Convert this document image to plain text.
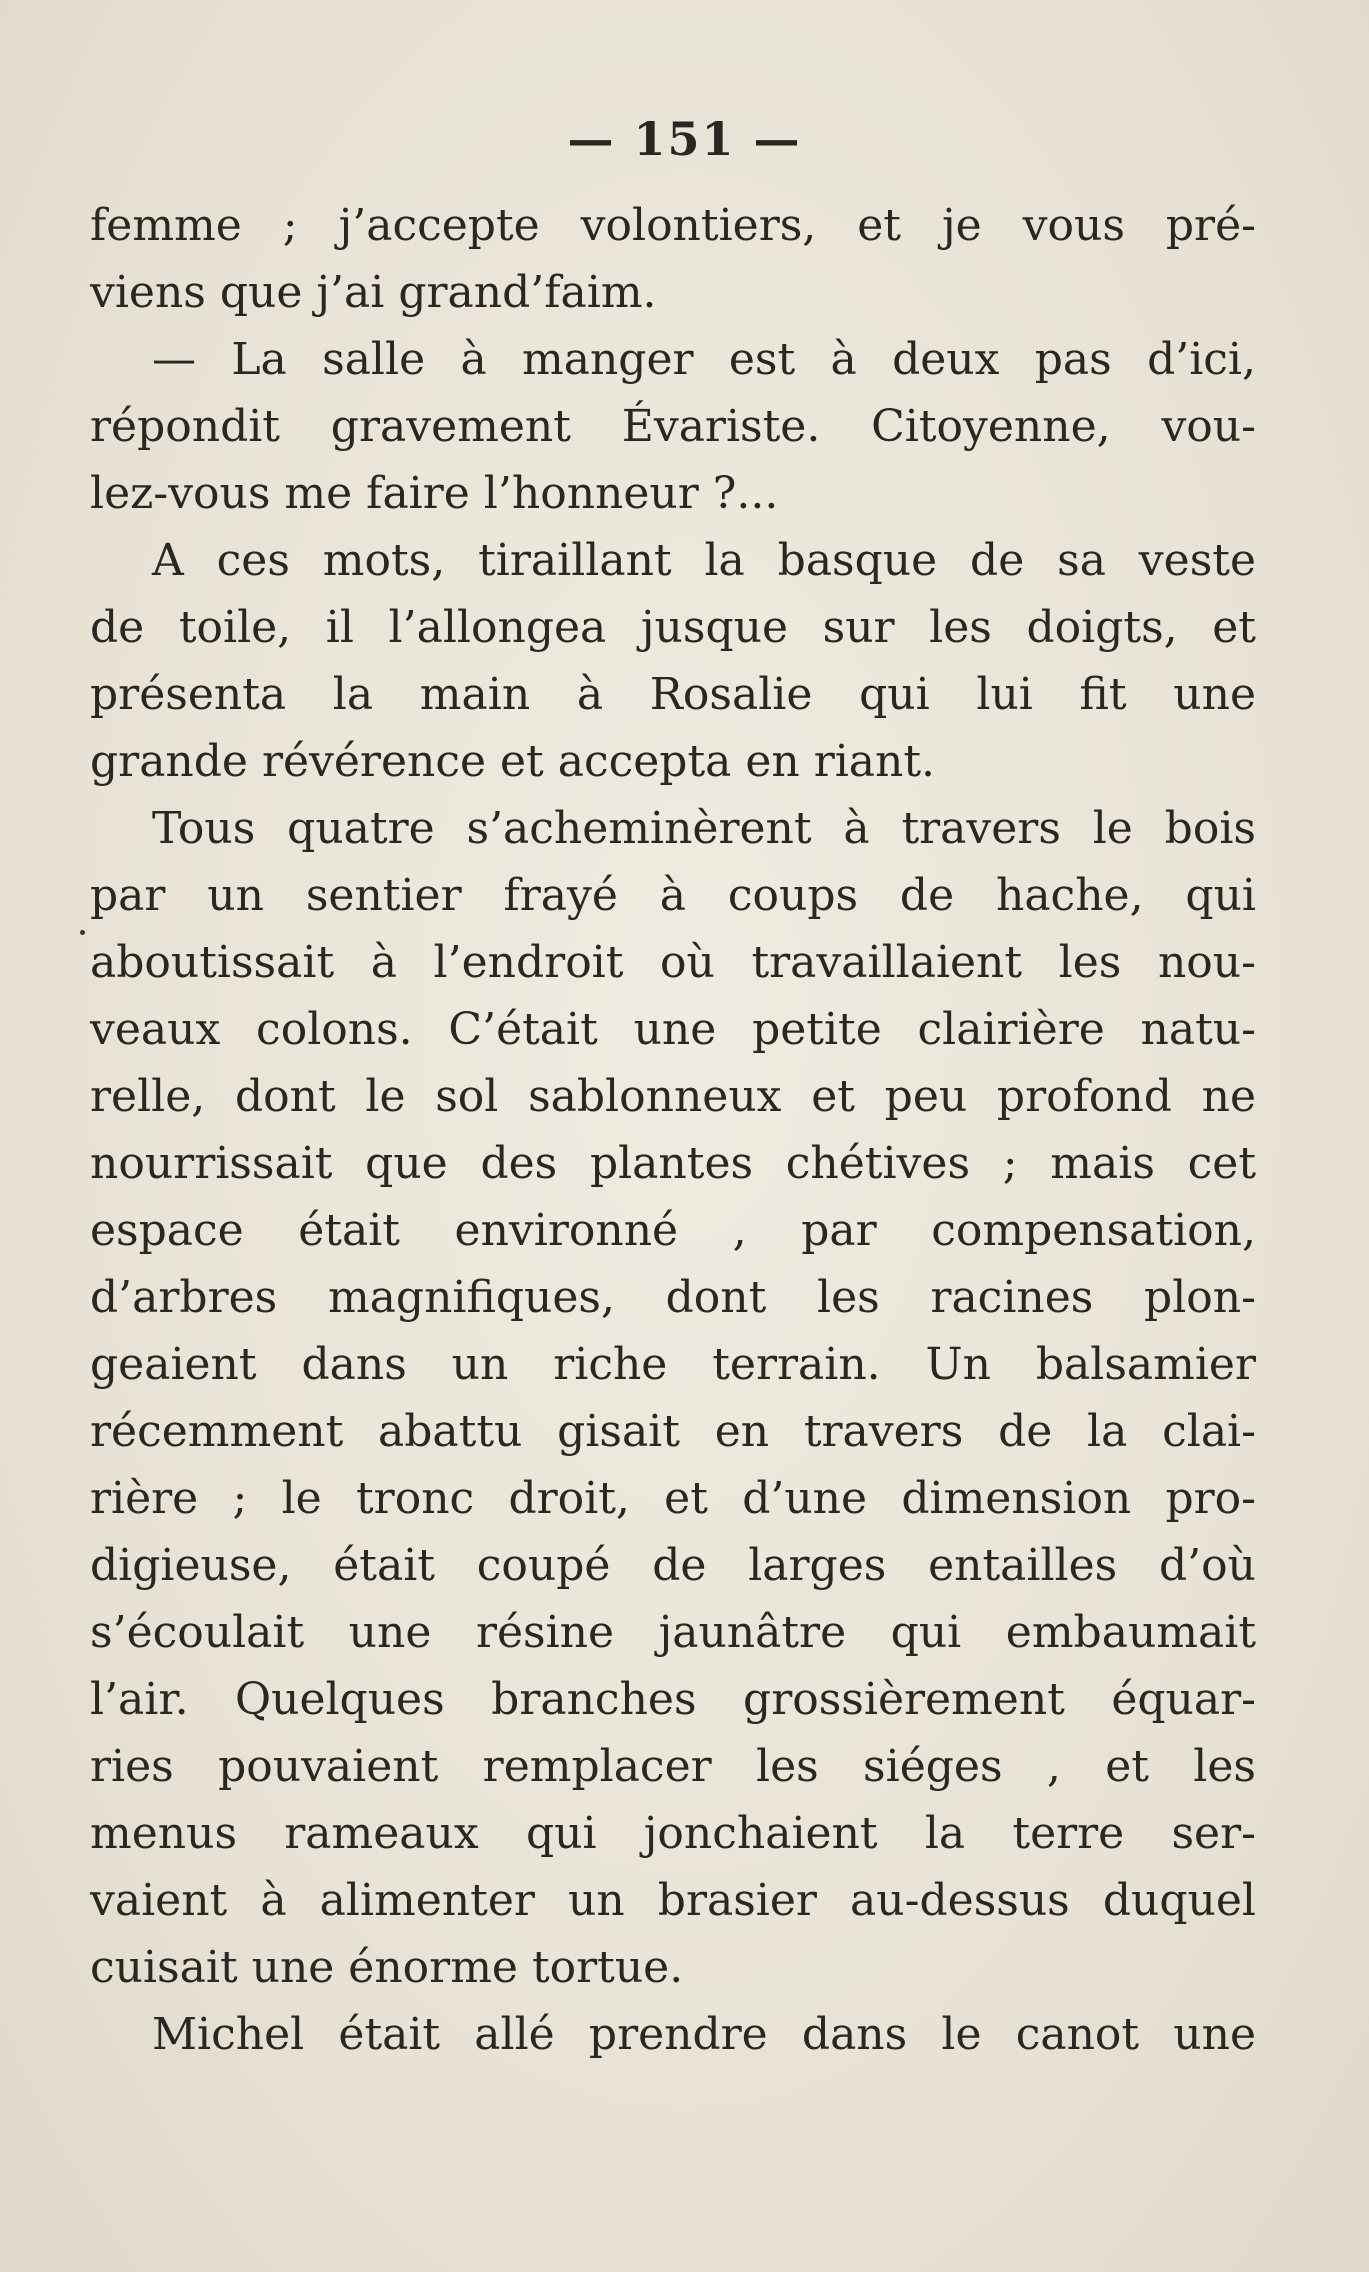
— 151 —
femme ; j’accepte volontiers, et je vous pré-
viens que j’ai grand’faim.
— La salle à manger est à deux pas d’ici,
répondit gravement Évariste. Citoyenne, vou-
lez-vous me faire l’honneur ?...
A ces mots, tiraillant la basque de sa veste
de toile, il l’allongea jusque sur les doigts, et
présenta la main à Rosalie qui lui fit une
grande révérence et accepta en riant.
Tous quatre s’acheminèrent à travers le bois
par un sentier frayé à coups de hache, qui
aboutissait à l’endroit où travaillaient les nou-
veaux colons. C’était une petite clairière natu-
relle, dont le sol sablonneux et peu profond ne
nourrissait que des plantes chétives ; mais cet
espace était environné , par compensation,
d’arbres magnifiques, dont les racines plon-
geaient dans un riche terrain. Un balsamier
récemment abattu gisait en travers de la clai-
rière ; le tronc droit, et d’une dimension pro-
digieuse, était coupé de larges entailles d’où
s’écoulait une résine jaunâtre qui embaumait
l’air. Quelques branches grossièrement équar-
ries pouvaient remplacer les siéges , et les
menus rameaux qui jonchaient la terre ser-
vaient à alimenter un brasier au-dessus duquel
cuisait une énorme tortue.
Michel était allé prendre dans le canot une
